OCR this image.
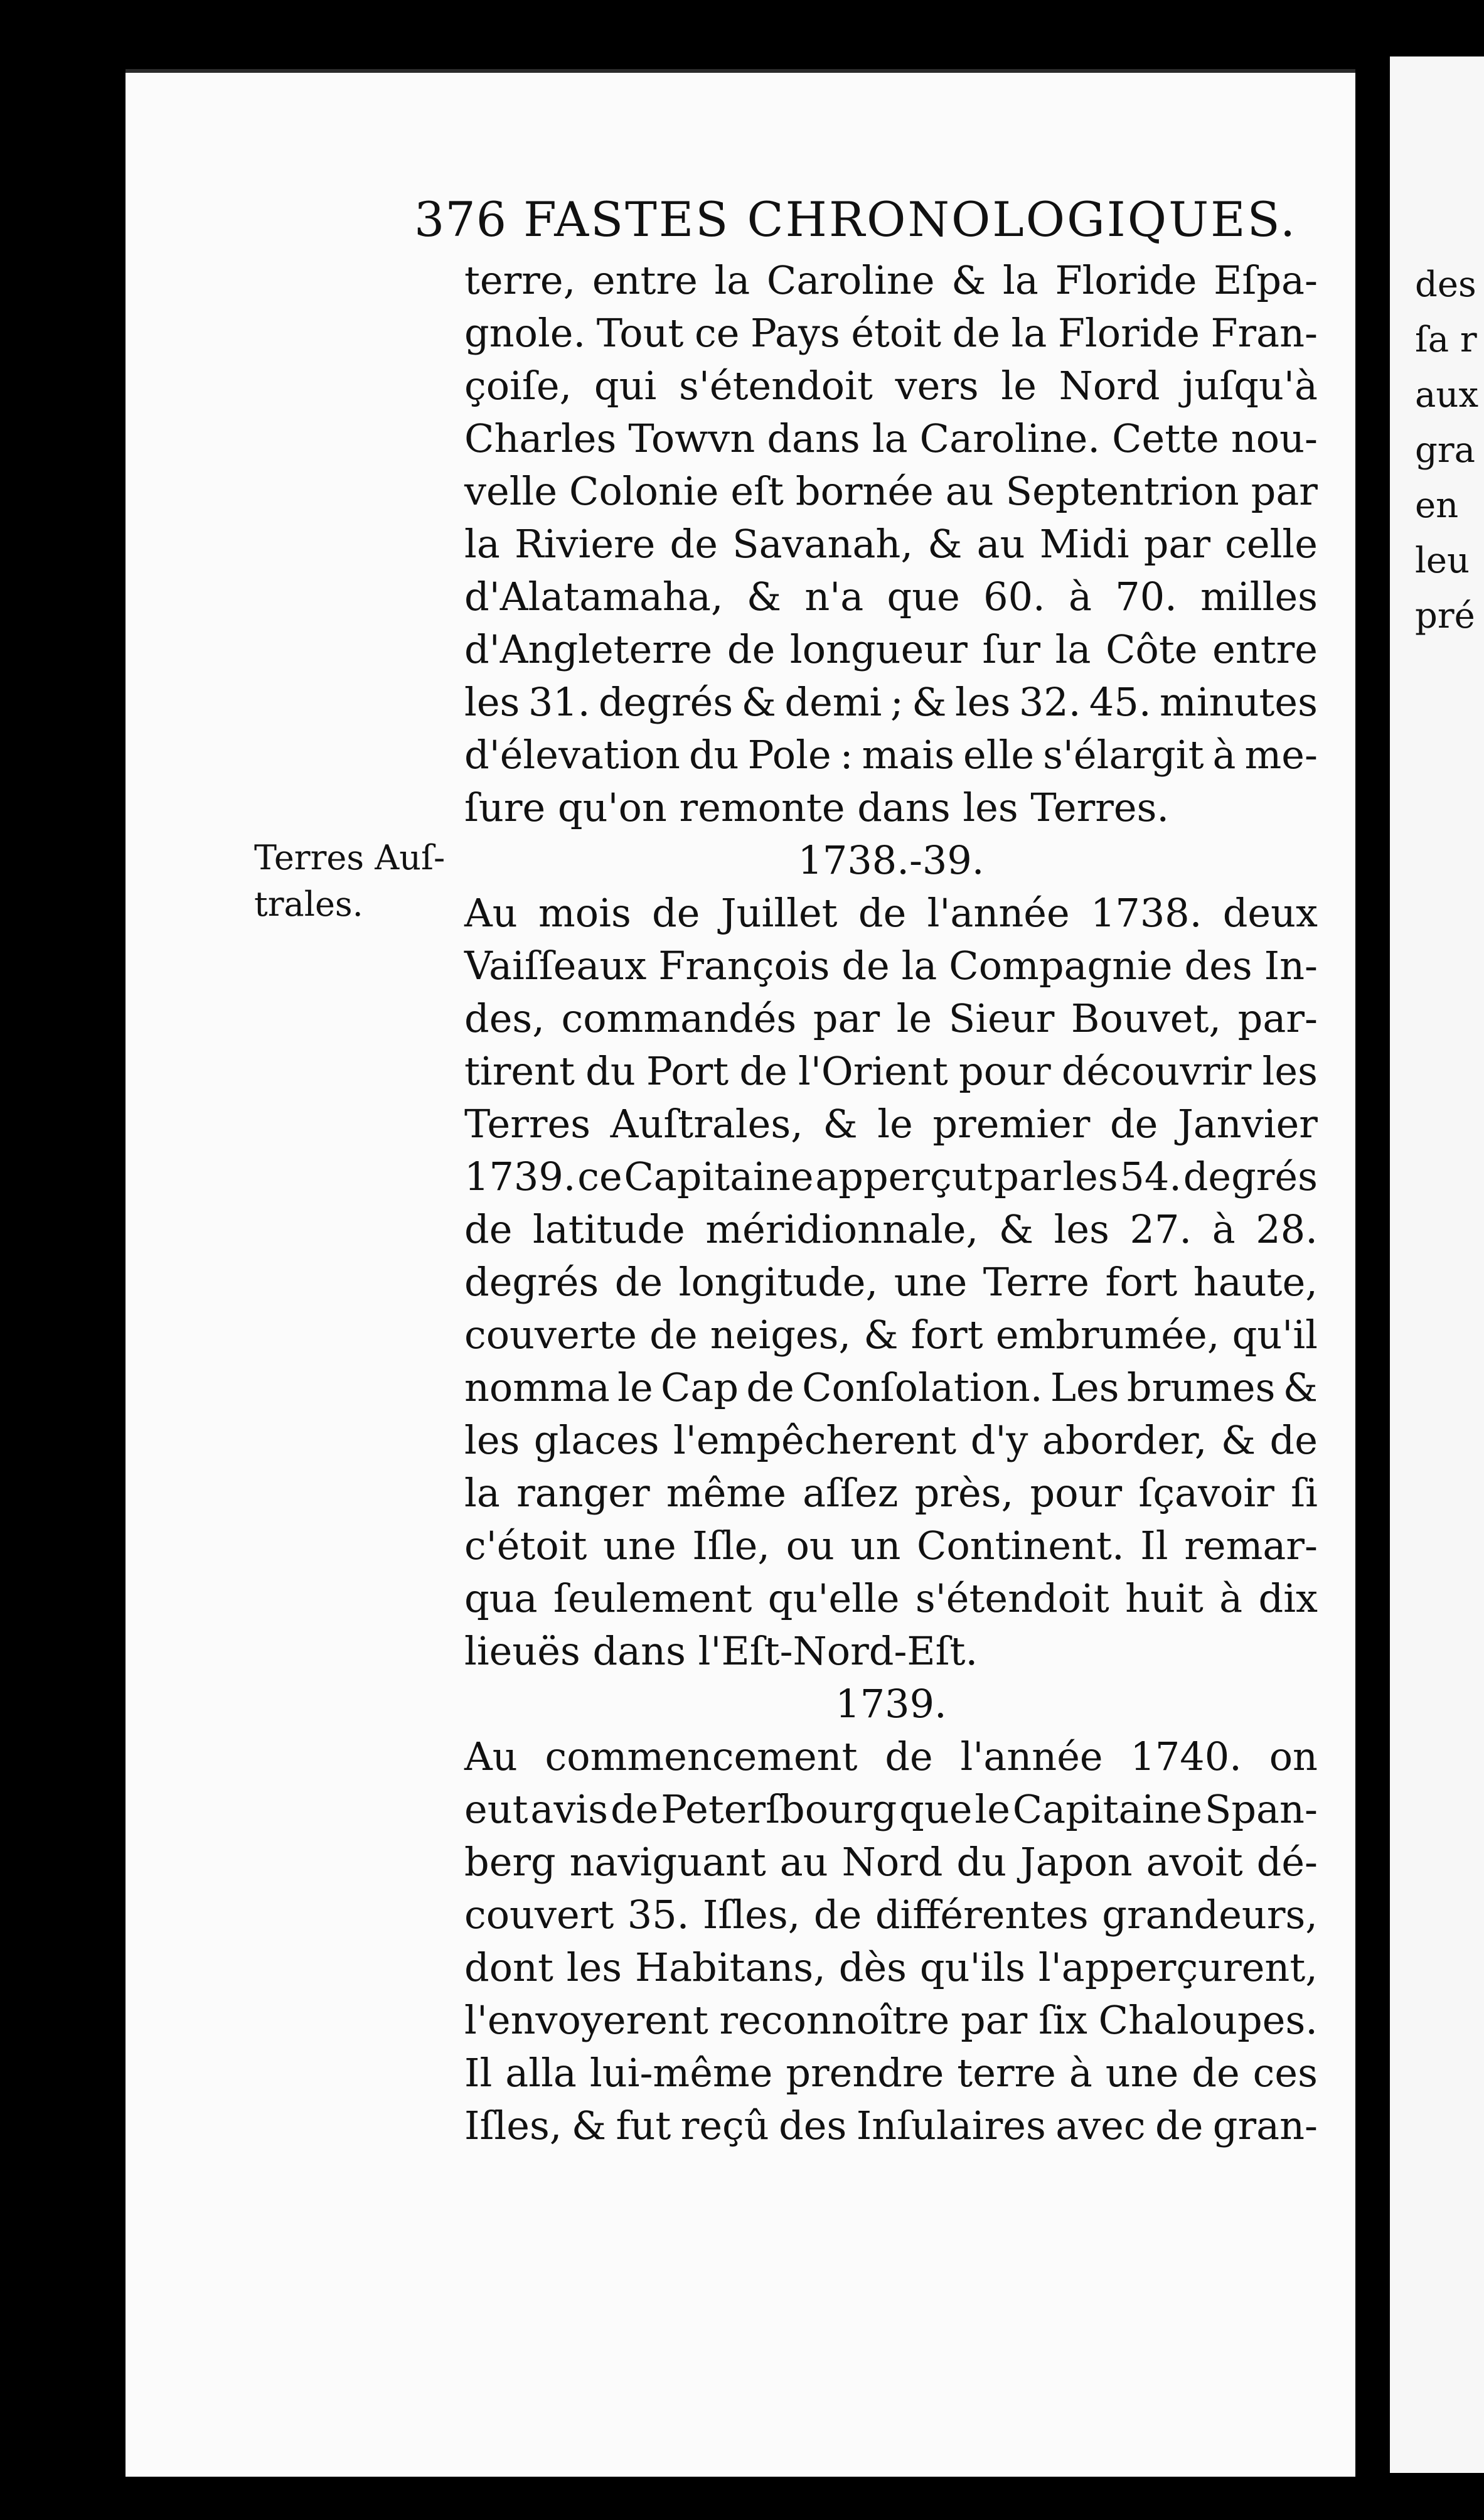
376 FASTES CHRONOLOGIQUES.
Terres Auſ-
trales.
terre, entre la Caroline & la Floride Eſpa-
gnole. Tout ce Pays étoit de la Floride Fran-
çoiſe, qui s'étendoit vers le Nord juſqu'à
Charles Towvn dans la Caroline. Cette nou-
velle Colonie eſt bornée au Septentrion par
la Riviere de Savanah, & au Midi par celle
d'Alatamaha, & n'a que 60. à 70. milles
d'Angleterre de longueur ſur la Côte entre
les 31. degrés & demi ; & les 32. 45. minutes
d'élevation du Pole : mais elle s'élargit à me-
ſure qu'on remonte dans les Terres.
1738.-39.
Au mois de Juillet de l'année 1738. deux
Vaiſſeaux François de la Compagnie des In-
des, commandés par le Sieur Bouvet, par-
tirent du Port de l'Orient pour découvrir les
Terres Auſtrales, & le premier de Janvier
1739. ce Capitaine apperçut par les 54. degrés
de latitude méridionnale, & les 27. à 28.
degrés de longitude, une Terre fort haute,
couverte de neiges, & fort embrumée, qu'il
nomma le Cap de Conſolation. Les brumes &
les glaces l'empêcherent d'y aborder, & de
la ranger même aſſez près, pour ſçavoir ſi
c'étoit une Iſle, ou un Continent. Il remar-
qua ſeulement qu'elle s'étendoit huit à dix
lieuës dans l'Eſt-Nord-Eſt.
1739.
Au commencement de l'année 1740. on
eut avis de Peterſbourg que le Capitaine Span-
berg naviguant au Nord du Japon avoit dé-
couvert 35. Iſles, de différentes grandeurs,
dont les Habitans, dès qu'ils l'apperçurent,
l'envoyerent reconnoître par ſix Chaloupes.
Il alla lui-même prendre terre à une de ces
Iſles, & fut reçû des Inſulaires avec de gran-
des
ſa r
aux
gra
en
leu
pré
